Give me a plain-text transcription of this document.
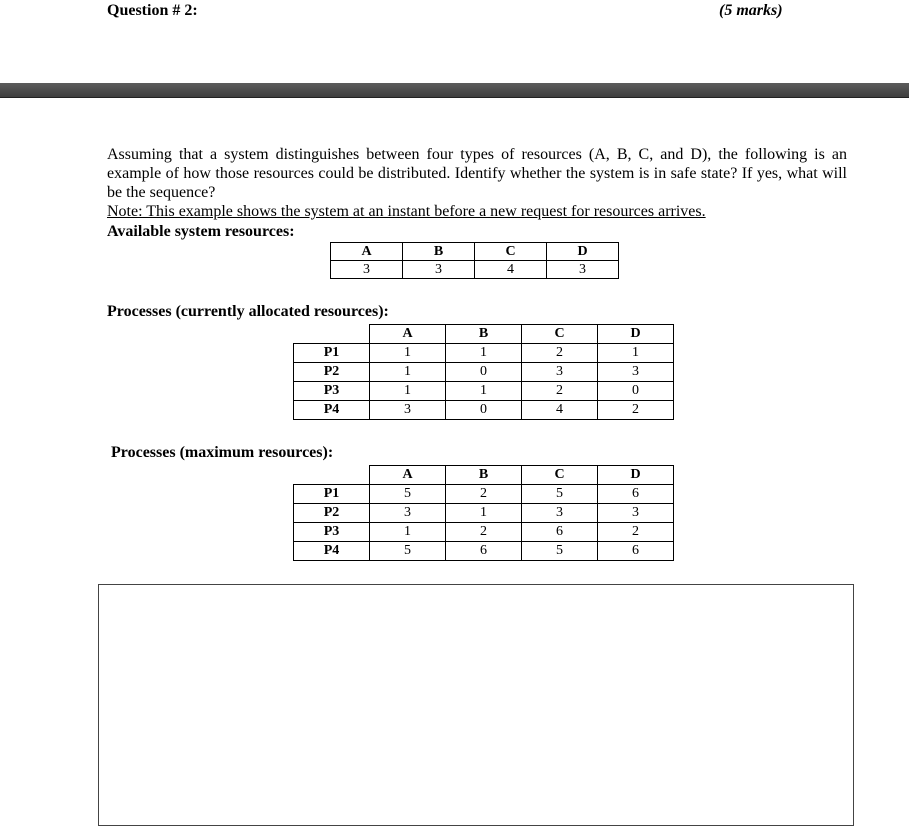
Question # 2:	(5 marks)
Assuming that a system distinguishes between four types of resources (A, B, C, and D), the following is an example of how those resources could be distributed. Identify whether the system is in safe state? If yes, what will be the sequence?
Note: This example shows the system at an instant before a new request for resources arrives.
Available system resources:
A	B	C	D
3	3	4	3
Processes (currently allocated resources):
	A	B	C	D
P1	1	1	2	1
P2	1	0	3	3
P3	1	1	2	0
P4	3	0	4	2
Processes (maximum resources):
	A	B	C	D
P1	5	2	5	6
P2	3	1	3	3
P3	1	2	6	2
P4	5	6	5	6
